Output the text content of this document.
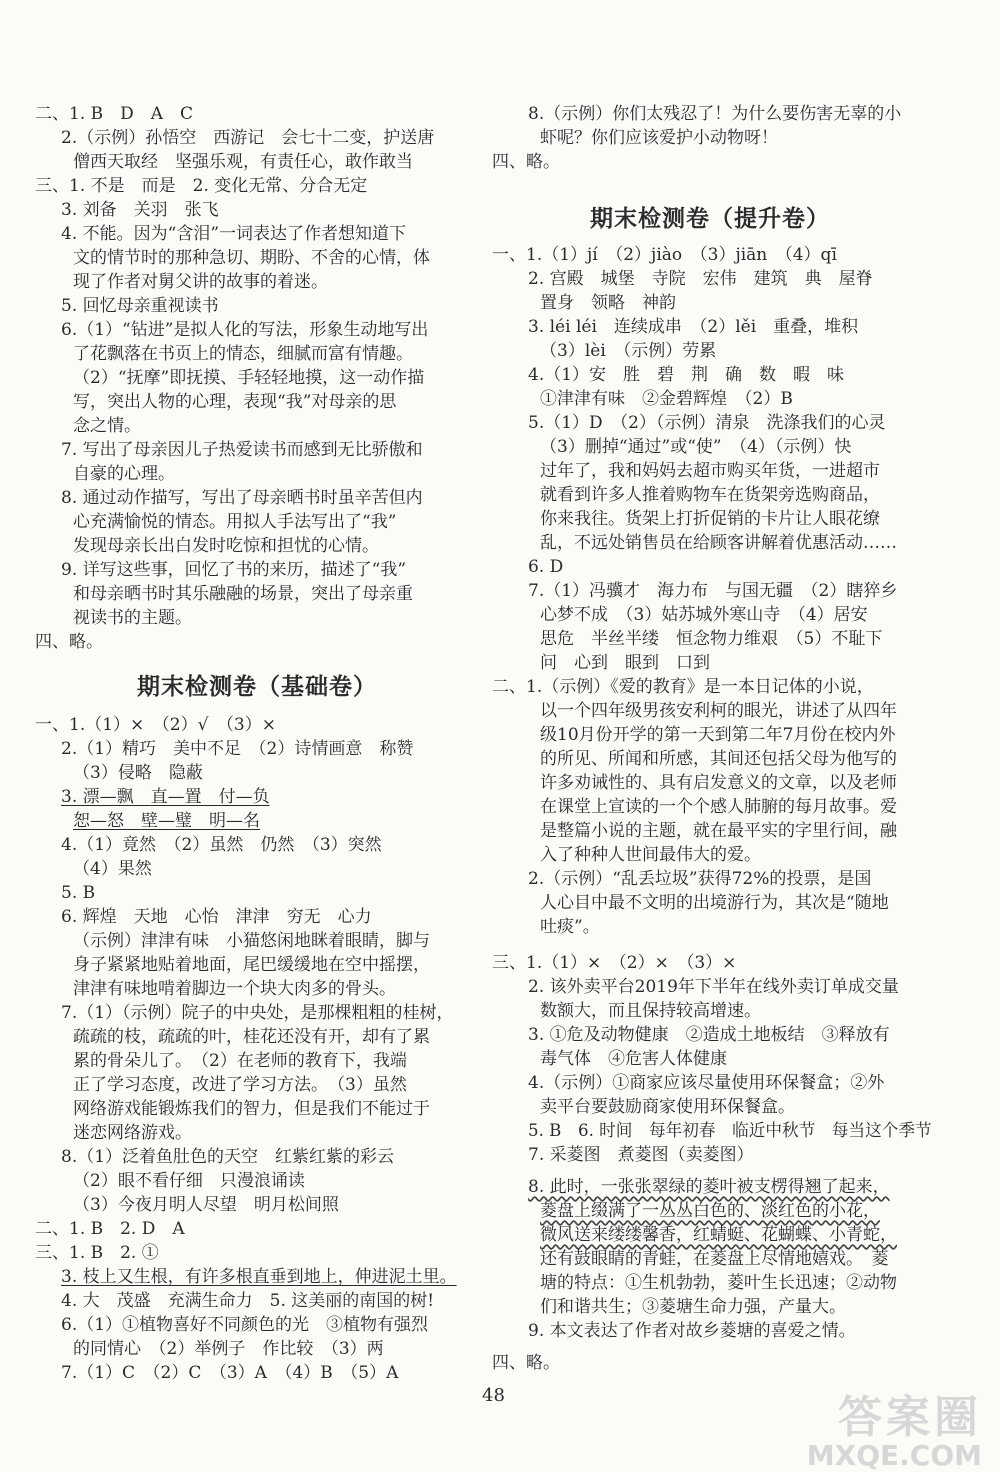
二、1. B　D　A　C
2.（示例）孙悟空　西游记　会七十二变，护送唐
僧西天取经　坚强乐观，有责任心，敢作敢当
三、1. 不是　而是　2. 变化无常、分合无定
3. 刘备　关羽　张飞
4. 不能。因为“含泪”一词表达了作者想知道下
文的情节时的那种急切、期盼、不舍的心情，体
现了作者对舅父讲的故事的着迷。
5. 回忆母亲重视读书
6.（1）“钻进”是拟人化的写法，形象生动地写出
了花飘落在书页上的情态，细腻而富有情趣。
（2）“抚摩”即抚摸、手轻轻地摸，这一动作描
写，突出人物的心理，表现“我”对母亲的思
念之情。
7. 写出了母亲因儿子热爱读书而感到无比骄傲和
自豪的心理。
8. 通过动作描写，写出了母亲晒书时虽辛苦但内
心充满愉悦的情态。用拟人手法写出了“我”
发现母亲长出白发时吃惊和担忧的心情。
9. 详写这些事，回忆了书的来历，描述了“我”
和母亲晒书时其乐融融的场景，突出了母亲重
视读书的主题。
四、略。
期末检测卷（基础卷）
一、1.（1）×　（2）√　（3）×
2.（1）精巧　美中不足　（2）诗情画意　称赞
（3）侵略　隐蔽
3. 漂—飘　直—置　付—负
恕—怒　壁—璧　明—名
4.（1）竟然　（2）虽然　仍然　（3）突然
（4）果然
5. B
6. 辉煌　天地　心怡　津津　穷无　心力
（示例）津津有味　小猫悠闲地眯着眼睛，脚与
身子紧紧地贴着地面，尾巴缓缓地在空中摇摆，
津津有味地啃着脚边一个块大肉多的骨头。
7.（1）（示例）院子的中央处，是那棵粗粗的桂树，
疏疏的枝，疏疏的叶，桂花还没有开，却有了累
累的骨朵儿了。　（2）在老师的教育下，我端
正了学习态度，改进了学习方法。　（3）虽然
网络游戏能锻炼我们的智力，但是我们不能过于
迷恋网络游戏。
8.（1）泛着鱼肚色的天空　红紫红紫的彩云
（2）眼不看仔细　只漫浪诵读
（3）今夜月明人尽望　明月松间照
二、1. B　2. D　A
三、1. B　2. ①
3. 枝上又生根，有许多根直垂到地上，伸进泥土里。
4. 大　茂盛　充满生命力　5. 这美丽的南国的树!
6.（1）①植物喜好不同颜色的光　③植物有强烈
的同情心　（2）举例子　作比较　（3）两
7.（1）C　（2）C　（3）A　（4）B　（5）A
8.（示例）你们太残忍了！为什么要伤害无辜的小
虾呢？你们应该爱护小动物呀！
四、略。
期末检测卷（提升卷）
一、1.（1）jí　（2）jiào　（3）jiān　（4）qī
2. 宫殿　城堡　寺院　宏伟　建筑　典　屋脊
置身　领略　神韵
3. léi léi　连续成串　（2）lěi　重叠，堆积
（3）lèi　（示例）劳累
4.（1）安　胜　碧　荆　确　数　暇　味
①津津有味　②金碧辉煌　（2）B
5.（1）D　（2）（示例）清泉　洗涤我们的心灵
（3）删掉“通过”或“使”　（4）（示例）快
过年了，我和妈妈去超市购买年货，一进超市
就看到许多人推着购物车在货架旁选购商品，
你来我往。货架上打折促销的卡片让人眼花缭
乱，不远处销售员在给顾客讲解着优惠活动……
6. D
7.（1）冯骥才　海力布　与国无疆　（2）瞎猝乡
心梦不成　（3）姑苏城外寒山寺　（4）居安
思危　半丝半缕　恒念物力维艰　（5）不耻下
问　心到　眼到　口到
二、1.（示例）《爱的教育》是一本日记体的小说，
以一个四年级男孩安利柯的眼光，讲述了从四年
级10月份开学的第一天到第二年7月份在校内外
的所见、所闻和所感，其间还包括父母为他写的
许多劝诫性的、具有启发意义的文章，以及老师
在课堂上宣读的一个个感人肺腑的每月故事。爱
是整篇小说的主题，就在最平实的字里行间，融
入了种种人世间最伟大的爱。
2.（示例）“乱丢垃圾”获得72%的投票，是国
人心目中最不文明的出境游行为，其次是“随地
吐痰”。
三、1.（1）×　（2）×　（3）×
2. 该外卖平台2019年下半年在线外卖订单成交量
数额大，而且保持较高增速。
3. ①危及动物健康　②造成土地板结　③释放有
毒气体　④危害人体健康
4.（示例）①商家应该尽量使用环保餐盒；②外
卖平台要鼓励商家使用环保餐盒。
5. B　6. 时间　每年初春　临近中秋节　每当这个季节
7. 采菱图　煮菱图（卖菱图）
8. 此时，一张张翠绿的菱叶被支楞得翘了起来，
菱盘上缀满了一丛丛白色的、淡红色的小花，
微风送来缕缕馨香，红蜻蜓、花蝴蝶、小青蛇，
还有鼓眼睛的青蛙，在菱盘上尽情地嬉戏。　菱
塘的特点：①生机勃勃，菱叶生长迅速；②动物
们和谐共生；③菱塘生命力强，产量大。
9. 本文表达了作者对故乡菱塘的喜爱之情。
四、略。
48	答案圈
MXQE.COM
